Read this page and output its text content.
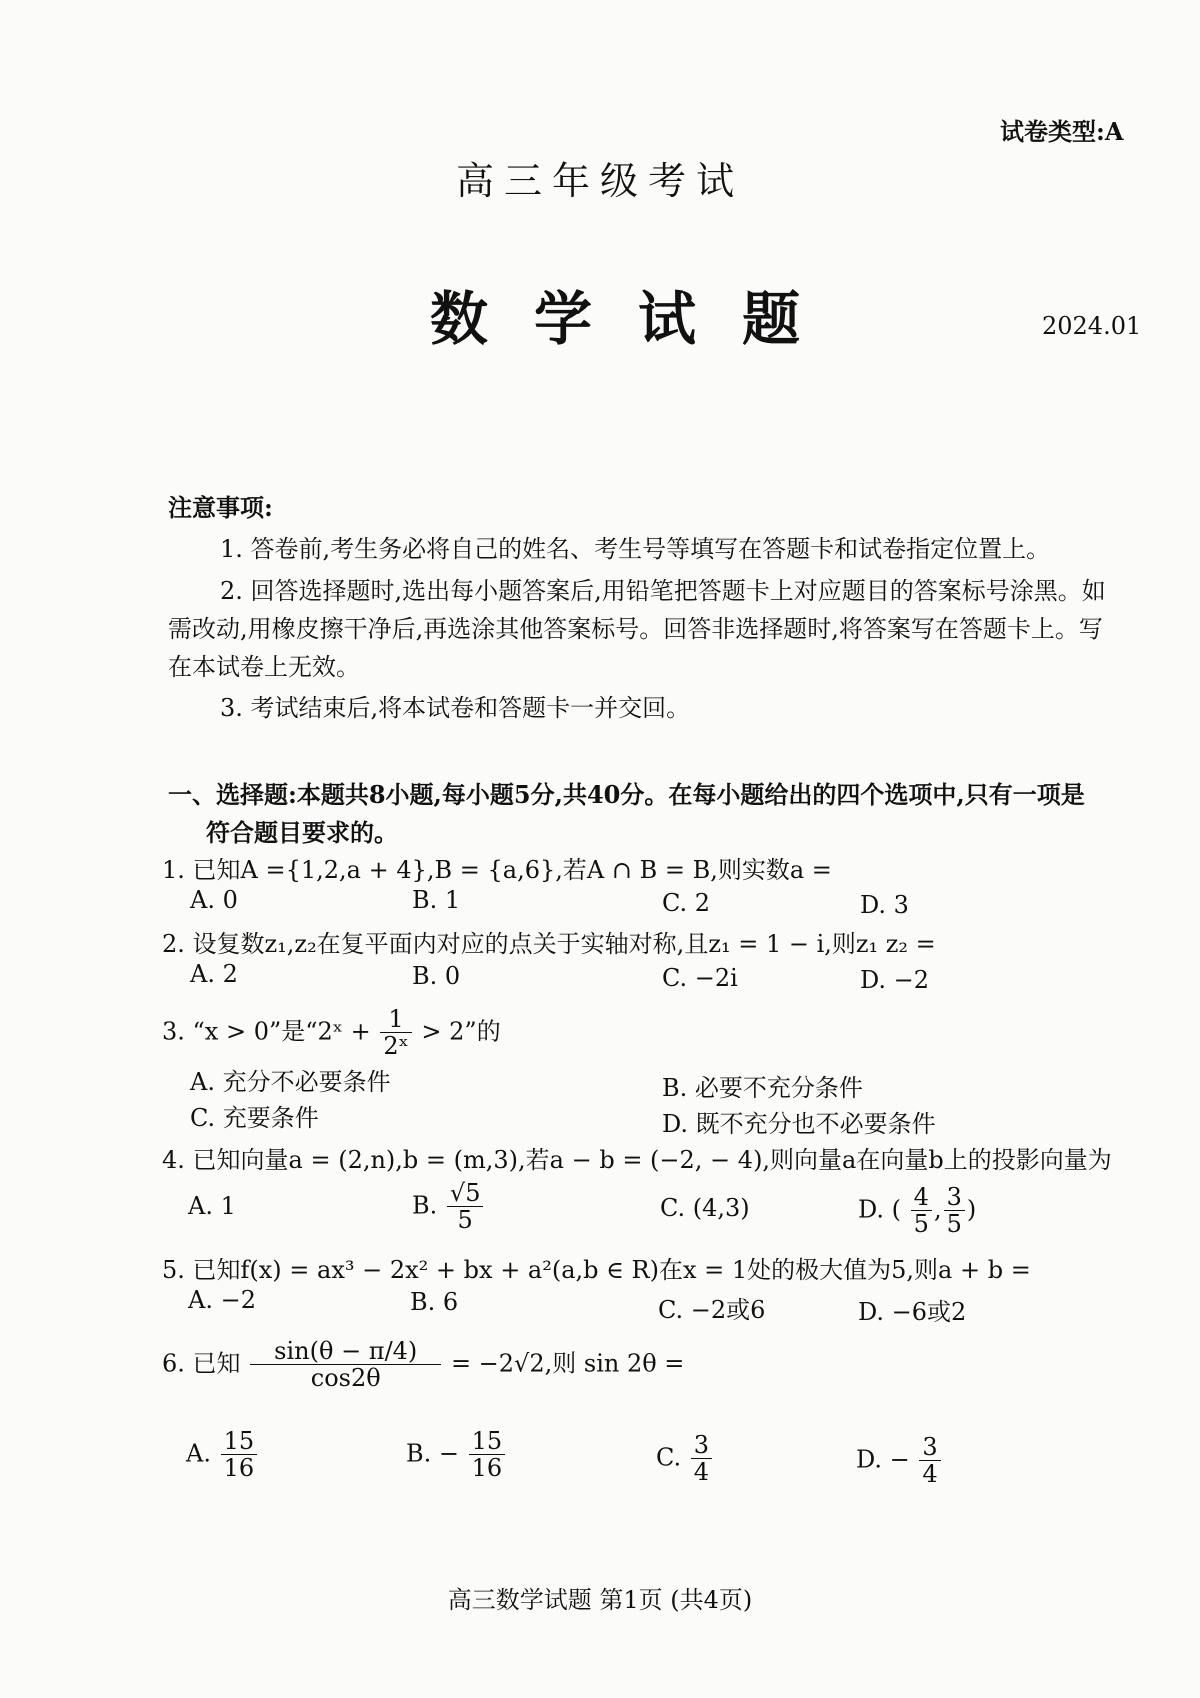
试卷类型:A
高三年级考试
数学试题	2024.01
注意事项:
1. 答卷前,考生务必将自己的姓名、考生号等填写在答题卡和试卷指定位置上。
2. 回答选择题时,选出每小题答案后,用铅笔把答题卡上对应题目的答案标号涂黑。如需改动,用橡皮擦干净后,再选涂其他答案标号。回答非选择题时,将答案写在答题卡上。写在本试卷上无效。
3. 考试结束后,将本试卷和答题卡一并交回。
一、选择题:本题共8小题,每小题5分,共40分。在每小题给出的四个选项中,只有一项是
符合题目要求的。
1. 已知A ={1,2,a + 4},B = {a,6},若A ∩ B = B,则实数a =
A. 0	B. 1	C. 2	D. 3
2. 设复数z₁,z₂在复平面内对应的点关于实轴对称,且z₁ = 1 − i,则z₁ z₂ =
A. 2	B. 0	C. −2i	D. −2
3. “x > 0”是“2ˣ + $\frac{1}{\text{2ˣ}} > 2$”的
A. 充分不必要条件	B. 必要不充分条件
C. 充要条件	D. 既不充分也不必要条件
4. 已知向量a = (2,n),b = (m,3),若a − b = (−2, − 4),则向量a在向量b上的投影向量为
A. 1	B. $\frac{√5}{5}$	C. (4,3)	D. ( $\frac{4}{5}$ , $\frac{3}{5}$ )
5. 已知f(x) = ax³ − 2x² + bx + a²(a,b ∈ R)在x = 1处的极大值为5,则a + b =
A. −2	B. 6	C. −2或6	D. −6或2
6. 已知 $\frac{\sin(\theta - \pi/4)}{\cos 2\theta} = -2√2$,则 sin 2θ =
A. $\frac{15}{16}$	B. − $\frac{15}{16}$	C. $\frac{3}{4}$	D. − $\frac{3}{4}$
高三数学试题 第1页 (共4页)
